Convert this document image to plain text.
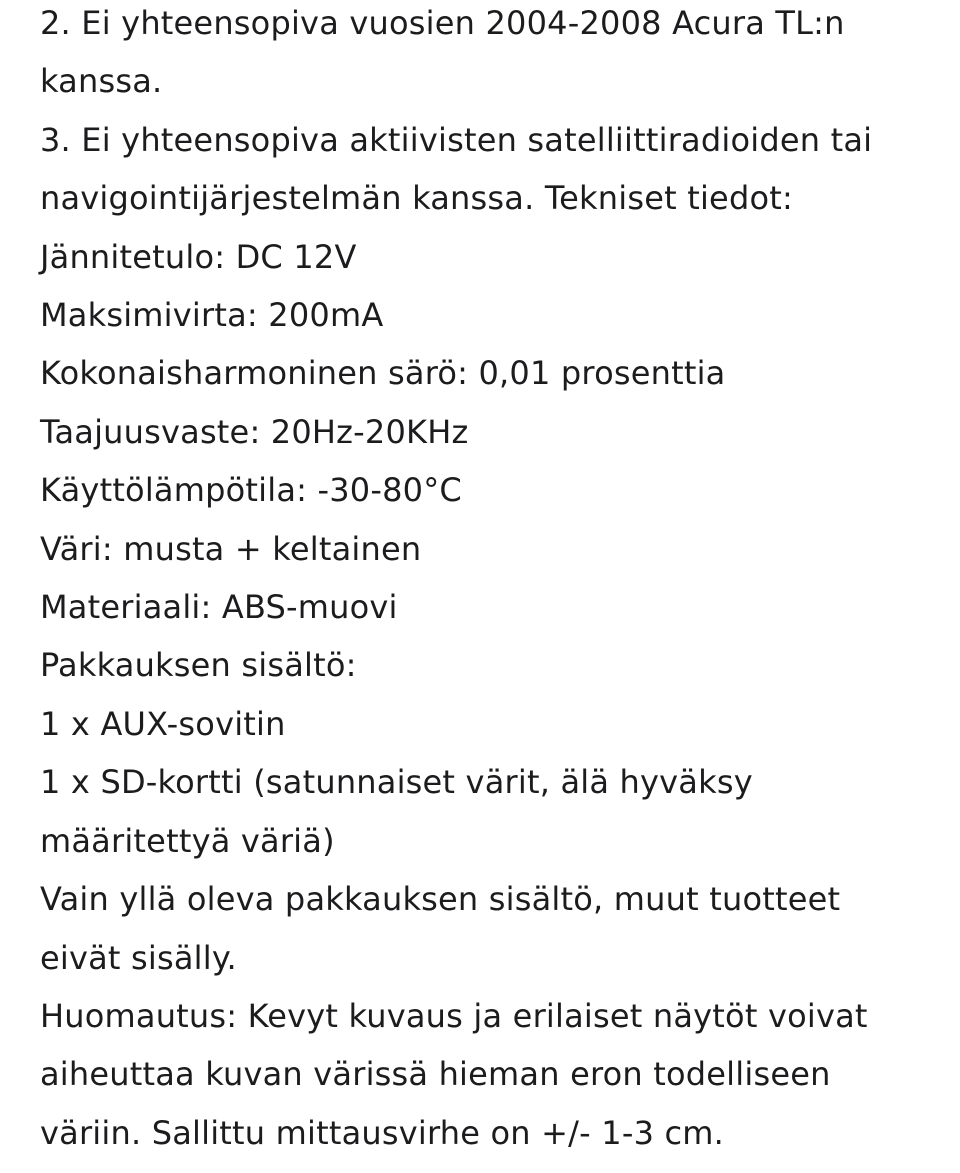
2. Ei yhteensopiva vuosien 2004-2008 Acura TL:n
kanssa.
3. Ei yhteensopiva aktiivisten satelliittiradioiden tai
navigointijärjestelmän kanssa. Tekniset tiedot:
Jännitetulo: DC 12V
Maksimivirta: 200mA
Kokonaisharmoninen särö: 0,01 prosenttia
Taajuusvaste: 20Hz-20KHz
Käyttölämpötila: -30-80°C
Väri: musta + keltainen
Materiaali: ABS-muovi
Pakkauksen sisältö:
1 x AUX-sovitin
1 x SD-kortti (satunnaiset värit, älä hyväksy
määritettyä väriä)
Vain yllä oleva pakkauksen sisältö, muut tuotteet
eivät sisälly.
Huomautus: Kevyt kuvaus ja erilaiset näytöt voivat
aiheuttaa kuvan värissä hieman eron todelliseen
väriin. Sallittu mittausvirhe on +/- 1-3 cm.
